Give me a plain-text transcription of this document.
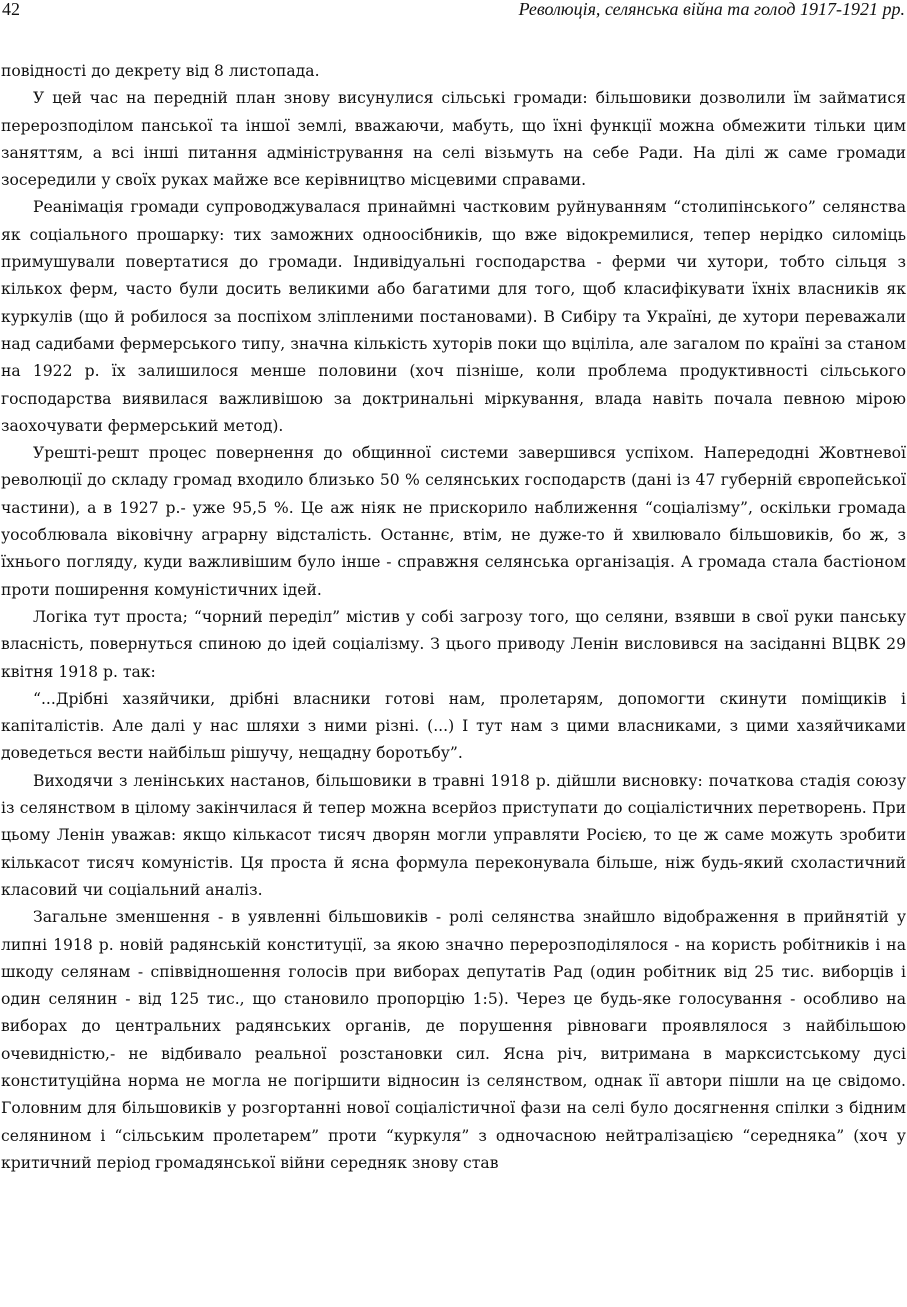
42	Революція, селянська війна та голод 1917-1921 рр.

повідності до декрету від 8 листопада.

У цей час на передній план знову висунулися сільські громади: більшовики дозволили їм займатися перерозподілом панської та іншої землі, вважаючи, мабуть, що їхні функції можна обмежити тільки цим заняттям, а всі інші питання адміністрування на селі візьмуть на себе Ради. На ділі ж саме громади зосередили у своїх руках майже все керівництво місцевими справами.

Реанімація громади супроводжувалася принаймні частковим руйнуванням “столипінського” селянства як соціального прошарку: тих заможних одноосібників, що вже відокремилися, тепер нерідко силоміць примушували повертатися до громади. Індивідуальні господарства - ферми чи хутори, тобто сільця з кількох ферм, часто були досить великими або багатими для того, щоб класифікувати їхніх власників як куркулів (що й робилося за поспіхом зліпленими постановами). В Сибіру та Україні, де хутори переважали над садибами фермерського типу, значна кількість хуторів поки що вціліла, але загалом по країні за станом на 1922 р. їх залишилося менше половини (хоч пізніше, коли проблема продуктивності сільського господарства виявилася важливішою за доктринальні міркування, влада навіть почала певною мірою заохочувати фермерський метод).

Урешті-решт процес повернення до общинної системи завершився успіхом. Напередодні Жовтневої революції до складу громад входило близько 50 % селянських господарств (дані із 47 губерній європейської частини), а в 1927 р.- уже 95,5 %. Це аж ніяк не прискорило наближення “соціалізму”, оскільки громада уособлювала віковічну аграрну відсталість. Останнє, втім, не дуже-то й хвилювало більшовиків, бо ж, з їхнього погляду, куди важливішим було інше - справжня селянська організація. А громада стала бастіоном проти поширення комуністичних ідей.

Логіка тут проста; “чорний переділ” містив у собі загрозу того, що селяни, взявши в свої руки панську власність, повернуться спиною до ідей соціалізму. З цього приводу Ленін висловився на засіданні ВЦВК 29 квітня 1918 р. так:

“...Дрібні хазяйчики, дрібні власники готові нам, пролетарям, допомогти скинути поміщиків і капіталістів. Але далі у нас шляхи з ними різні. (...) І тут нам з цими власниками, з цими хазяйчиками доведеться вести найбільш рішучу, нещадну боротьбу”.

Виходячи з ленінських настанов, більшовики в травні 1918 р. дійшли висновку: початкова стадія союзу із селянством в цілому закінчилася й тепер можна всерйоз приступати до соціалістичних перетворень. При цьому Ленін уважав: якщо кількасот тисяч дворян могли управляти Росією, то це ж саме можуть зробити кількасот тисяч комуністів. Ця проста й ясна формула переконувала більше, ніж будь-який схоластичний класовий чи соціальний аналіз.

Загальне зменшення - в уявленні більшовиків - ролі селянства знайшло відображення в прийнятій у липні 1918 р. новій радянській конституції, за якою значно перерозподілялося - на користь робітників і на шкоду селянам - співвідношення голосів при виборах депутатів Рад (один робітник від 25 тис. виборців і один селянин - від 125 тис., що становило пропорцію 1:5). Через це будь-яке голосування - особливо на виборах до центральних радянських органів, де порушення рівноваги проявлялося з найбільшою очевидністю,- не відбивало реальної розстановки сил. Ясна річ, витримана в марксистському дусі конституційна норма не могла не погіршити відносин із селянством, однак її автори пішли на це свідомо. Головним для більшовиків у розгортанні нової соціалістичної фази на селі було досягнення спілки з бідним селянином і “сільським пролетарем” проти “куркуля” з одночасною нейтралізацією “середняка” (хоч у критичний період громадянської війни середняк знову став
